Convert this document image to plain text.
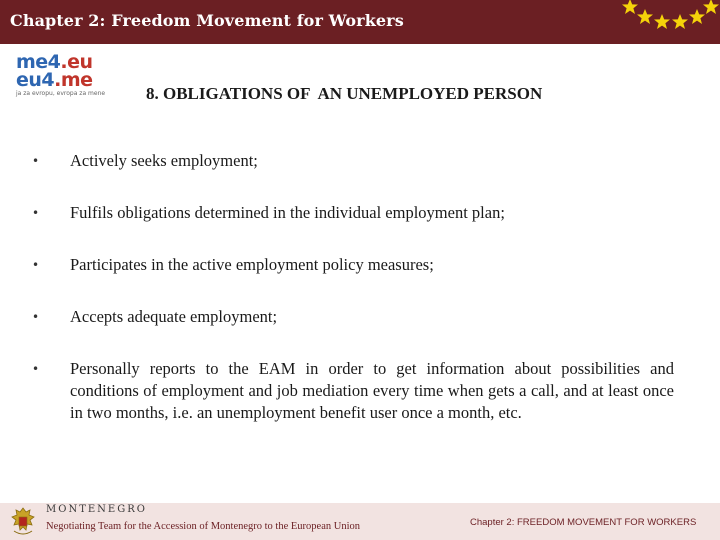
Chapter 2: Freedom Movement for Workers
me4.eu
eu4.me
ja za evropu, evropa za mene 8. OBLIGATIONS OF  AN UNEMPLOYED PERSON
• Actively seeks employment;
• Fulfils obligations determined in the individual employment plan;
• Participates in the active employment policy measures;
• Accepts adequate employment;
• Personally reports to the EAM in order to get information about possibilities and conditions of employment and job mediation every time when gets a call, and at least once in two months, i.e. an unemployment benefit user once a month, etc.
MONTENEGRO
Negotiating Team for the Accession of Montenegro to the European Union	Chapter 2: FREEDOM MOVEMENT FOR WORKERS
